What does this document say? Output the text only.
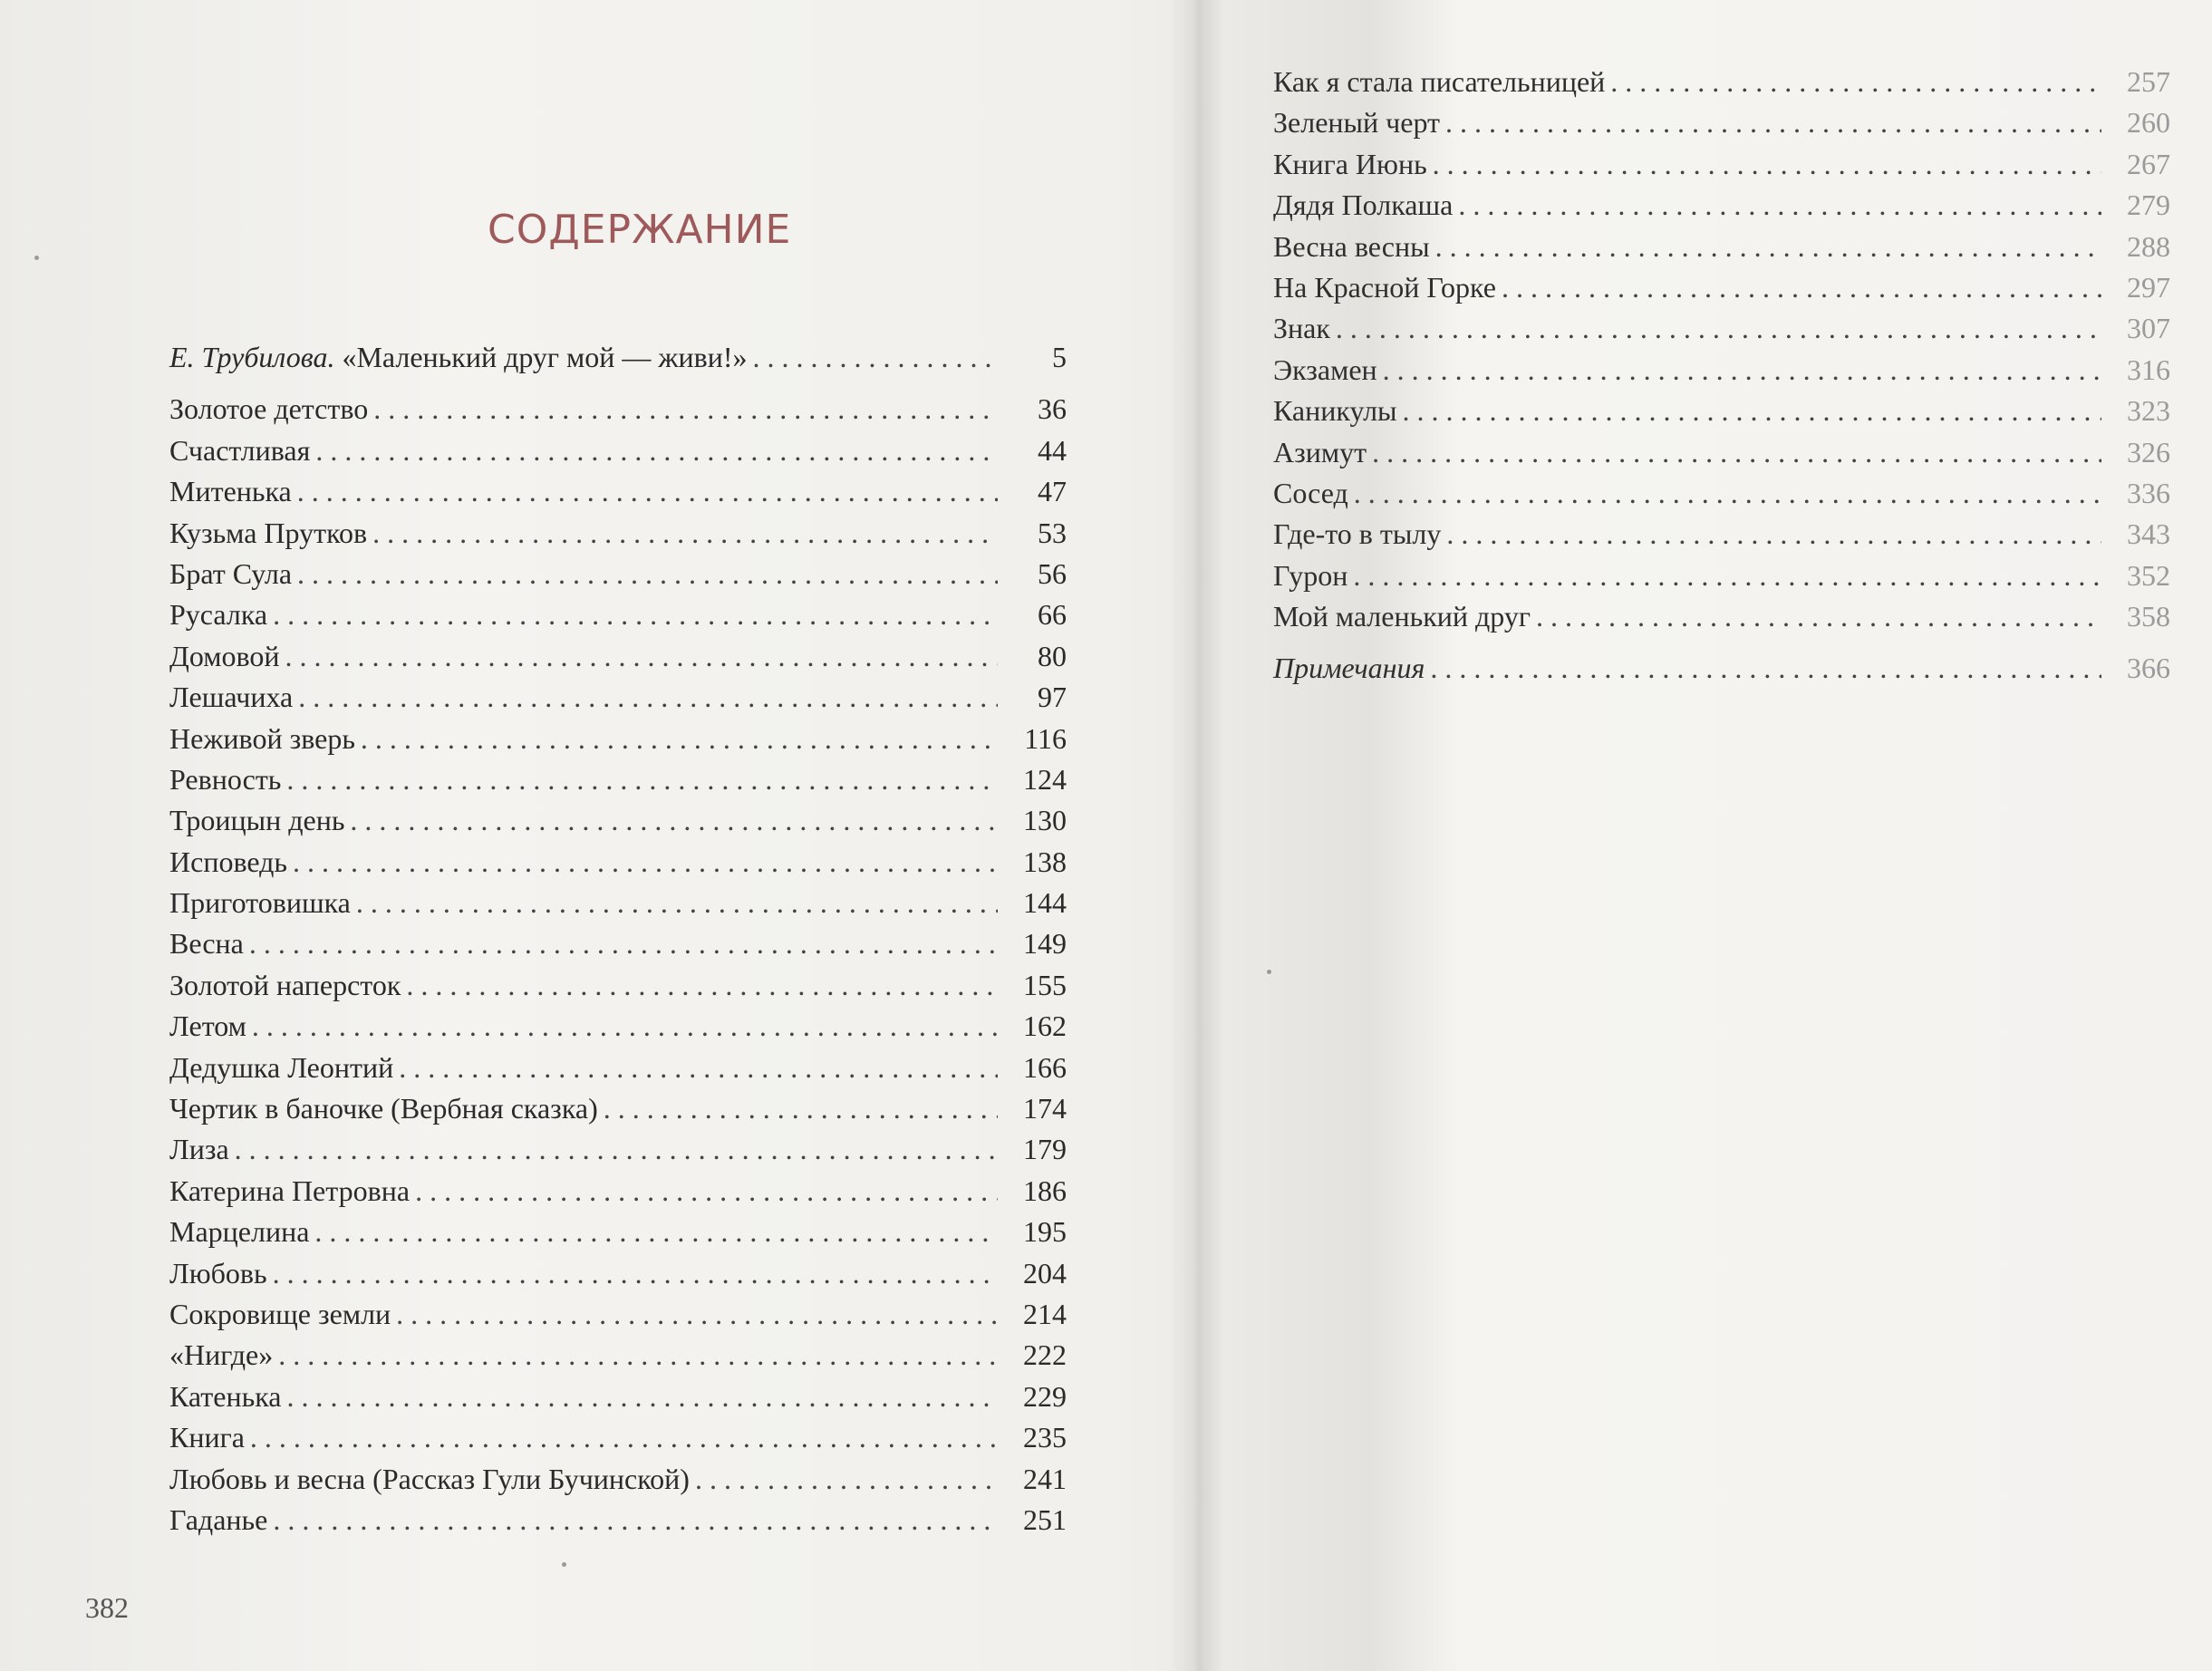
СОДЕРЖАНИЕ
Е. Трубилова. «Маленький друг мой — живи!» . . .	5
Золотое детство . . .	36
Счастливая . . .	44
Митенька . . .	47
Кузьма Прутков . . .	53
Брат Сула . . .	56
Русалка . . .	66
Домовой . . .	80
Лешачиха . . .	97
Неживой зверь . . .	116
Ревность . . .	124
Троицын день . . .	130
Исповедь . . .	138
Приготовишка . . .	144
Весна . . .	149
Золотой наперсток . . .	155
Летом . . .	162
Дедушка Леонтий . . .	166
Чертик в баночке (Вербная сказка) . . .	174
Лиза . . .	179
Катерина Петровна . . .	186
Марцелина . . .	195
Любовь . . .	204
Сокровище земли . . .	214
«Нигде» . . .	222
Катенька . . .	229
Книга . . .	235
Любовь и весна (Рассказ Гули Бучинской) . . .	241
Гаданье . . .	251
Как я стала писательницей . . .	257
Зеленый черт . . .	260
Книга Июнь . . .	267
Дядя Полкаша . . .	279
Весна весны . . .	288
На Красной Горке . . .	297
Знак . . .	307
Экзамен . . .	316
Каникулы . . .	323
Азимут . . .	326
Сосед . . .	336
Где-то в тылу . . .	343
Гурон . . .	352
Мой маленький друг . . .	358
Примечания . . .	366
382
